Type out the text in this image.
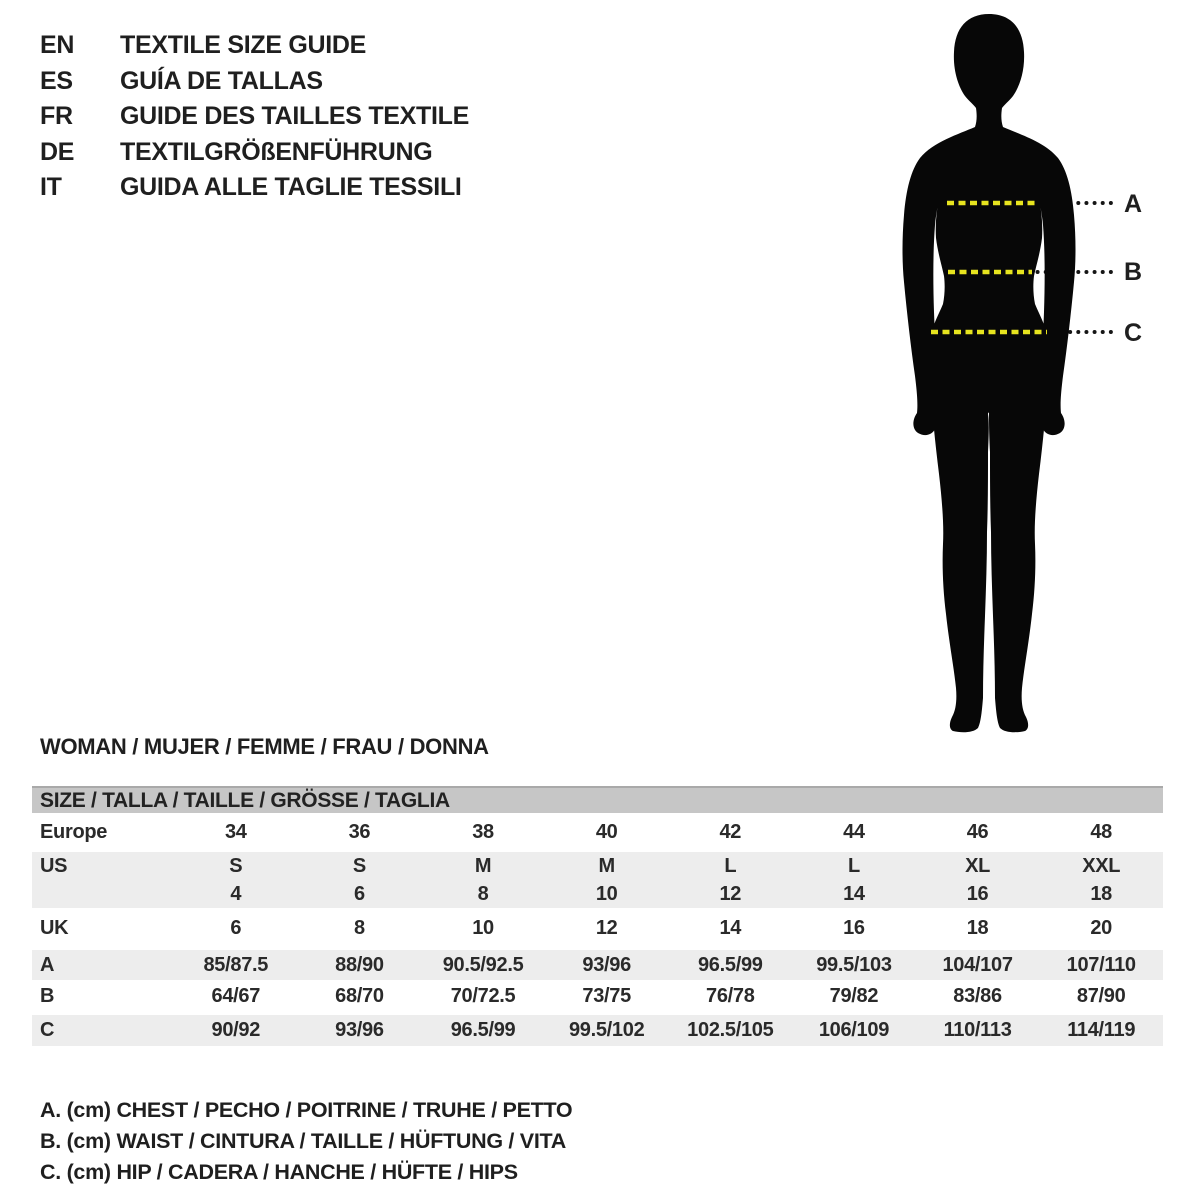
EN	TEXTILE SIZE GUIDE
ES	GUÍA DE TALLAS
FR	GUIDE DES TAILLES TEXTILE
DE	TEXTILGRÖßENFÜHRUNG
IT	GUIDA ALLE TAGLIE TESSILI
A
B
C
WOMAN / MUJER / FEMME / FRAU / DONNA
SIZE / TALLA / TAILLE / GRÖSSE / TAGLIA
Europe	34	36	38	40	42	44	46	48
US	S	S	M	M	L	L	XL	XXL
4	6	8	10	12	14	16	18
UK	6	8	10	12	14	16	18	20
A	85/87.5	88/90	90.5/92.5	93/96	96.5/99	99.5/103	104/107	107/110
B	64/67	68/70	70/72.5	73/75	76/78	79/82	83/86	87/90
C	90/92	93/96	96.5/99	99.5/102	102.5/105	106/109	110/113	114/119
A. (cm) CHEST / PECHO / POITRINE / TRUHE / PETTO
B. (cm) WAIST / CINTURA / TAILLE / HÜFTUNG / VITA
C. (cm) HIP / CADERA / HANCHE / HÜFTE / HIPS
